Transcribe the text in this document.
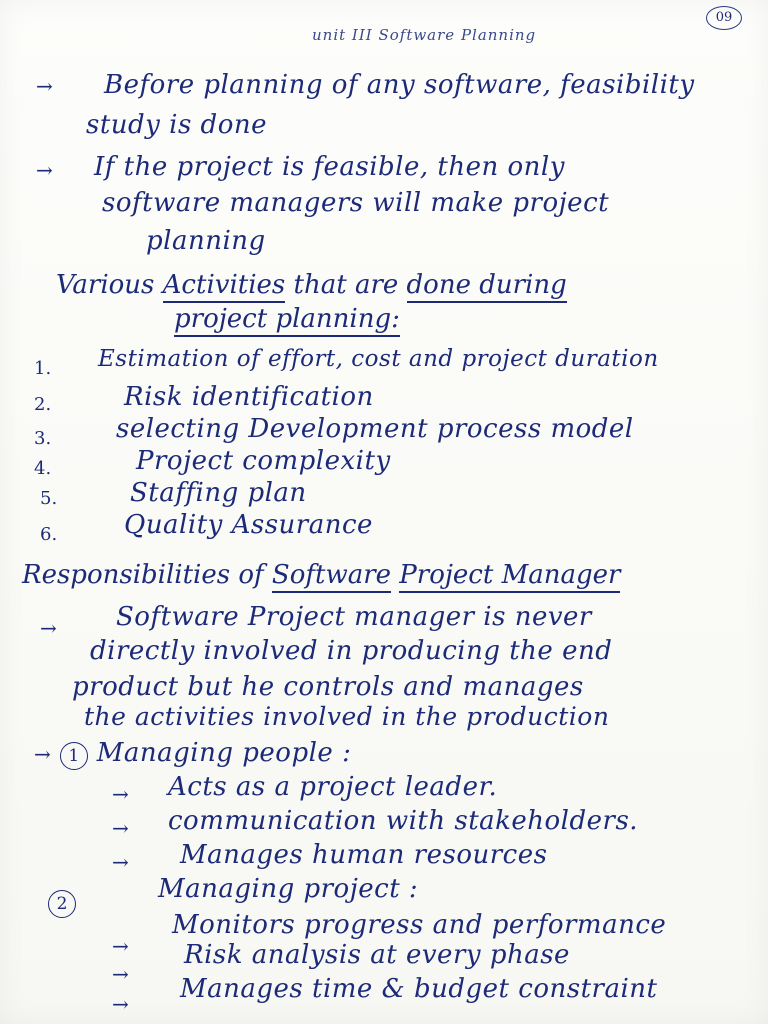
unit III Software Planning
09
→ Before planning of any software, feasibility
study is done
→ If the project is feasible, then only
software managers will make project
planning
Various Activities that are done during
project planning:
1. Estimation of effort, cost and project duration
2.	Risk identification
3. selecting Development process model
4.	Project complexity
5.	Staffing plan
6.	Quality Assurance
Responsibilities of Software Project Manager
→ Software Project manager is never
directly involved in producing the end
product but he controls and manages
the activities involved in the production
→ 1 Managing people :
→ Acts as a project leader.
→ communication with stakeholders.
→ Manages human resources
2	Managing project :
→
Monitors progress and performance
→
Risk analysis at every phase
→ Manages time & budget constraint
